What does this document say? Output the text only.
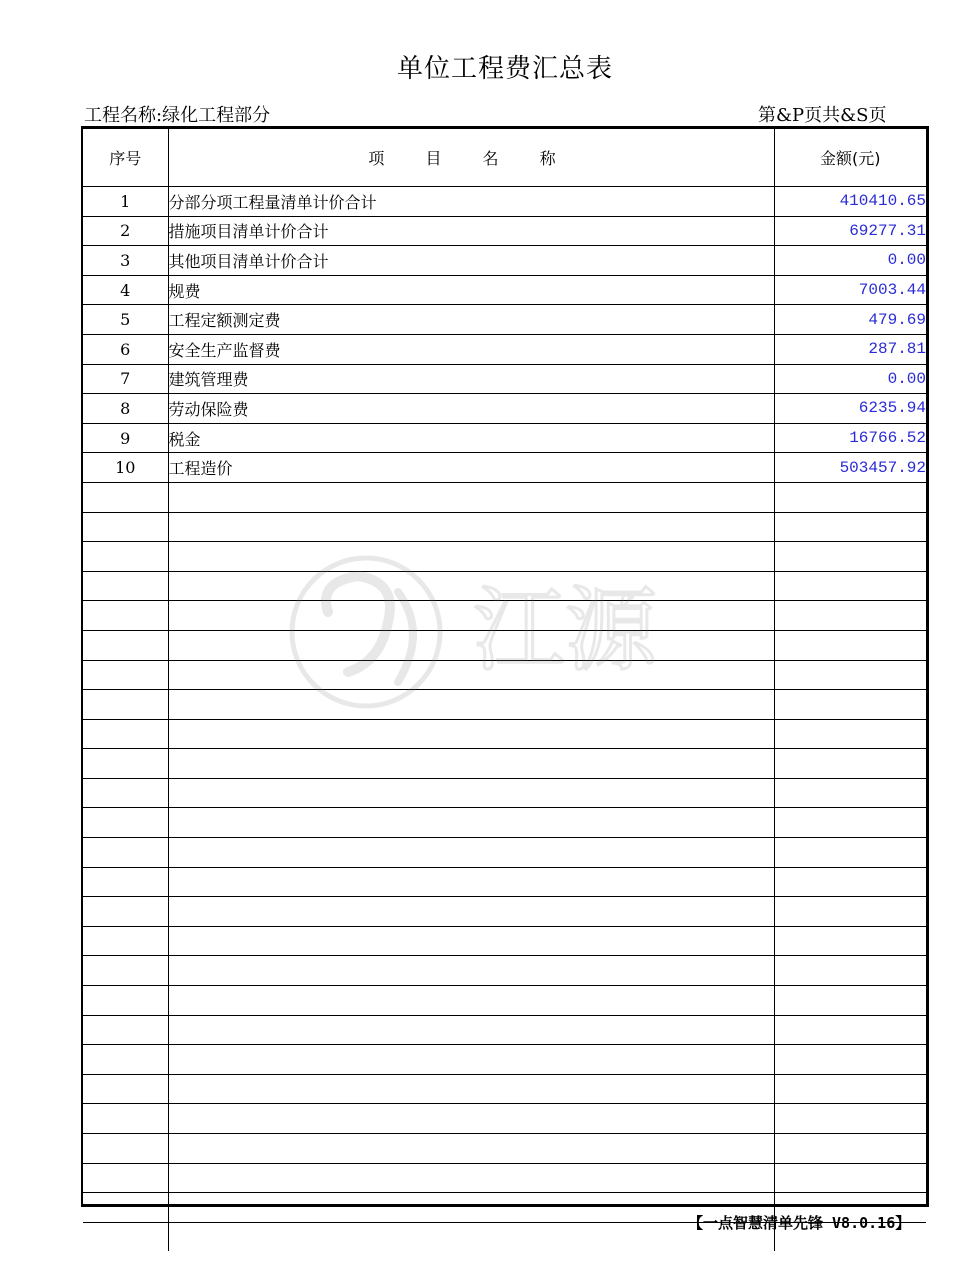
单位工程费汇总表
工程名称:绿化工程部分	第&P页共&S页
序号	项 目 名 称	金额(元)
1	分部分项工程量清单计价合计	410410.65
2	措施项目清单计价合计	69277.31
3	其他项目清单计价合计	0.00
4	规费	7003.44
5	工程定额测定费	479.69
6	安全生产监督费	287.81
7	建筑管理费	0.00
8	劳动保险费	6235.94
9	税金	16766.52
10	工程造价	503457.92

江源
【一点智慧清单先锋 V8.0.16】
